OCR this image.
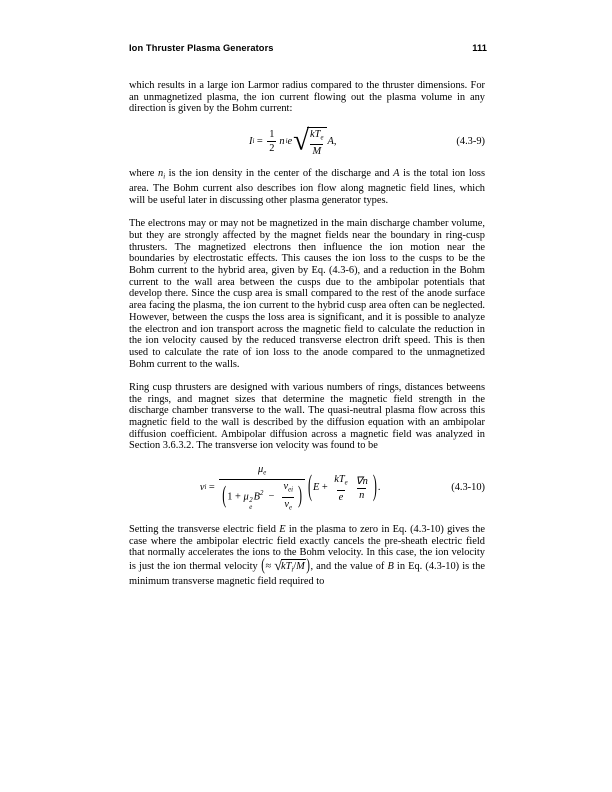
Ion Thruster Plasma Generators	111

which results in a large ion Larmor radius compared to the thruster dimensions. For an unmagnetized plasma, the ion current flowing out the plasma volume in any direction is given by the Bohm current:

I $i = \frac{1}{2}$ n i e √ $\frac{kT_e}{M}$ A ,	(4.3-9)

where $n_i$ is the ion density in the center of the discharge and A is the total ion loss area. The Bohm current also describes ion flow along magnetic field lines, which will be useful later in discussing other plasma generator types.

The electrons may or may not be magnetized in the main discharge chamber volume, but they are strongly affected by the magnet fields near the boundary in ring-cusp thrusters. The magnetized electrons then influence the ion motion near the boundaries by electrostatic effects. This causes the ion loss to the cusps to be the Bohm current to the hybrid area, given by Eq. (4.3-6), and a reduction in the Bohm current to the wall area between the cusps due to the ambipolar potentials that develop there. Since the cusp area is small compared to the rest of the anode surface area facing the plasma, the ion current to the hybrid cusp area often can be neglected. However, between the cusps the loss area is significant, and it is possible to analyze the electron and ion transport across the magnetic field to calculate the reduction in the ion velocity caused by the reduced transverse electron drift speed. This is then used to calculate the rate of ion loss to the anode compared to the unmagnetized Bohm current to the walls.

Ring cusp thrusters are designed with various numbers of rings, distances betweens the rings, and magnet sizes that determine the magnetic field strength in the discharge chamber transverse to the wall. The quasi-neutral plasma flow across this magnetic field to the wall is described by the diffusion equation with an ambipolar diffusion coefficient. Ambipolar diffusion across a magnetic field was analyzed in Section 3.6.3.2. The transverse ion velocity was found to be

v i =
$\mu_e$
(1 + μ 2
e
$B^2 - \frac{\nu_{ei}}{\nu_e}$ ) ( $E + \frac{kT_e}{e} \frac{\nabla n}{n}$ ) .	(4.3-10)

Setting the transverse electric field E in the plasma to zero in Eq. (4.3-10) gives the case where the ambipolar electric field exactly cancels the pre-sheath electric field that normally accelerates the ions to the Bohm velocity. In this case, the ion velocity is just the ion thermal velocity (≈ √ $kT_i/M$ ), and the value of B in Eq. (4.3-10) is the minimum transverse magnetic field required to
